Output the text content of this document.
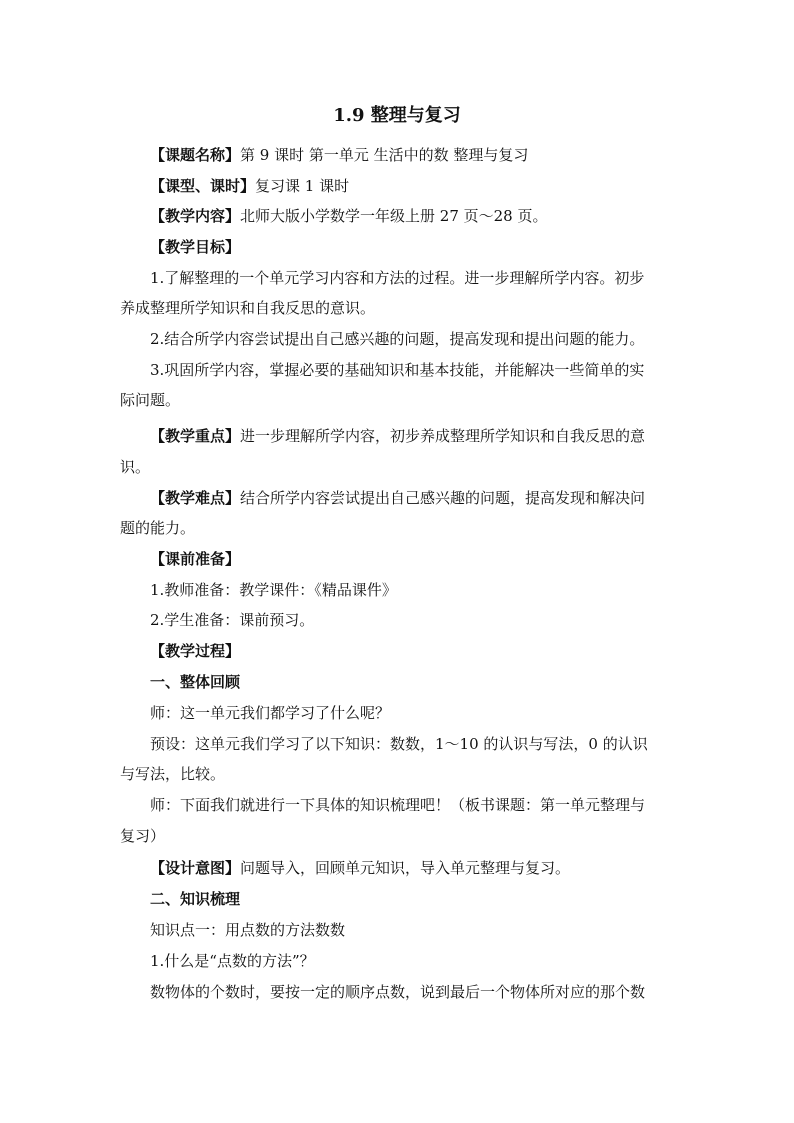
1.9 整理与复习
【课题名称】第 9 课时 第一单元 生活中的数 整理与复习
【课型、课时】复习课 1 课时
【教学内容】北师大版小学数学一年级上册 27 页～28 页。
【教学目标】
1.了解整理的一个单元学习内容和方法的过程。进一步理解所学内容。初步
养成整理所学知识和自我反思的意识。
2.结合所学内容尝试提出自己感兴趣的问题，提高发现和提出问题的能力。
3.巩固所学内容，掌握必要的基础知识和基本技能，并能解决一些简单的实
际问题。
【教学重点】进一步理解所学内容，初步养成整理所学知识和自我反思的意
识。
【教学难点】结合所学内容尝试提出自己感兴趣的问题，提高发现和解决问
题的能力。
【课前准备】
1.教师准备：教学课件：《精品课件》
2.学生准备：课前预习。
【教学过程】
一、整体回顾
师：这一单元我们都学习了什么呢？
预设：这单元我们学习了以下知识：数数，1～10 的认识与写法，0 的认识
与写法，比较。
师：下面我们就进行一下具体的知识梳理吧！（板书课题：第一单元整理与
复习）
【设计意图】问题导入，回顾单元知识，导入单元整理与复习。
二、知识梳理
知识点一：用点数的方法数数
1.什么是“点数的方法”？
数物体的个数时，要按一定的顺序点数，说到最后一个物体所对应的那个数
